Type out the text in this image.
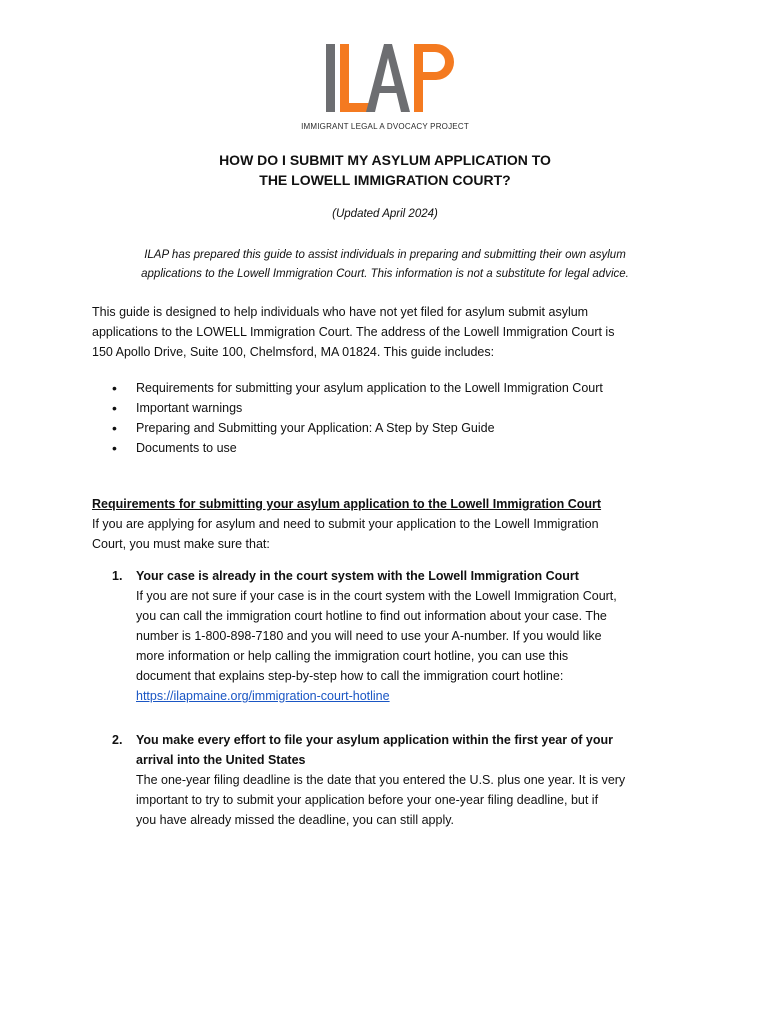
IMMIGRANT LEGAL A DVOCACY PROJECT
HOW DO I SUBMIT MY ASYLUM APPLICATION TO
THE LOWELL IMMIGRATION COURT?
(Updated April 2024)
ILAP has prepared this guide to assist individuals in preparing and submitting their own asylum
applications to the Lowell Immigration Court. This information is not a substitute for legal advice.
This guide is designed to help individuals who have not yet filed for asylum submit asylum
applications to the LOWELL Immigration Court. The address of the Lowell Immigration Court is
150 Apollo Drive, Suite 100, Chelmsford, MA 01824. This guide includes:
• Requirements for submitting your asylum application to the Lowell Immigration Court
• Important warnings
• Preparing and Submitting your Application: A Step by Step Guide
• Documents to use
Requirements for submitting your asylum application to the Lowell Immigration Court
If you are applying for asylum and need to submit your application to the Lowell Immigration
Court, you must make sure that:
1. Your case is already in the court system with the Lowell Immigration Court
If you are not sure if your case is in the court system with the Lowell Immigration Court,
you can call the immigration court hotline to find out information about your case. The
number is 1-800-898-7180 and you will need to use your A-number. If you would like
more information or help calling the immigration court hotline, you can use this
document that explains step-by-step how to call the immigration court hotline:
https://ilapmaine.org/immigration-court-hotline
2. You make every effort to file your asylum application within the first year of your
arrival into the United States
The one-year filing deadline is the date that you entered the U.S. plus one year. It is very
important to try to submit your application before your one-year filing deadline, but if
you have already missed the deadline, you can still apply.
